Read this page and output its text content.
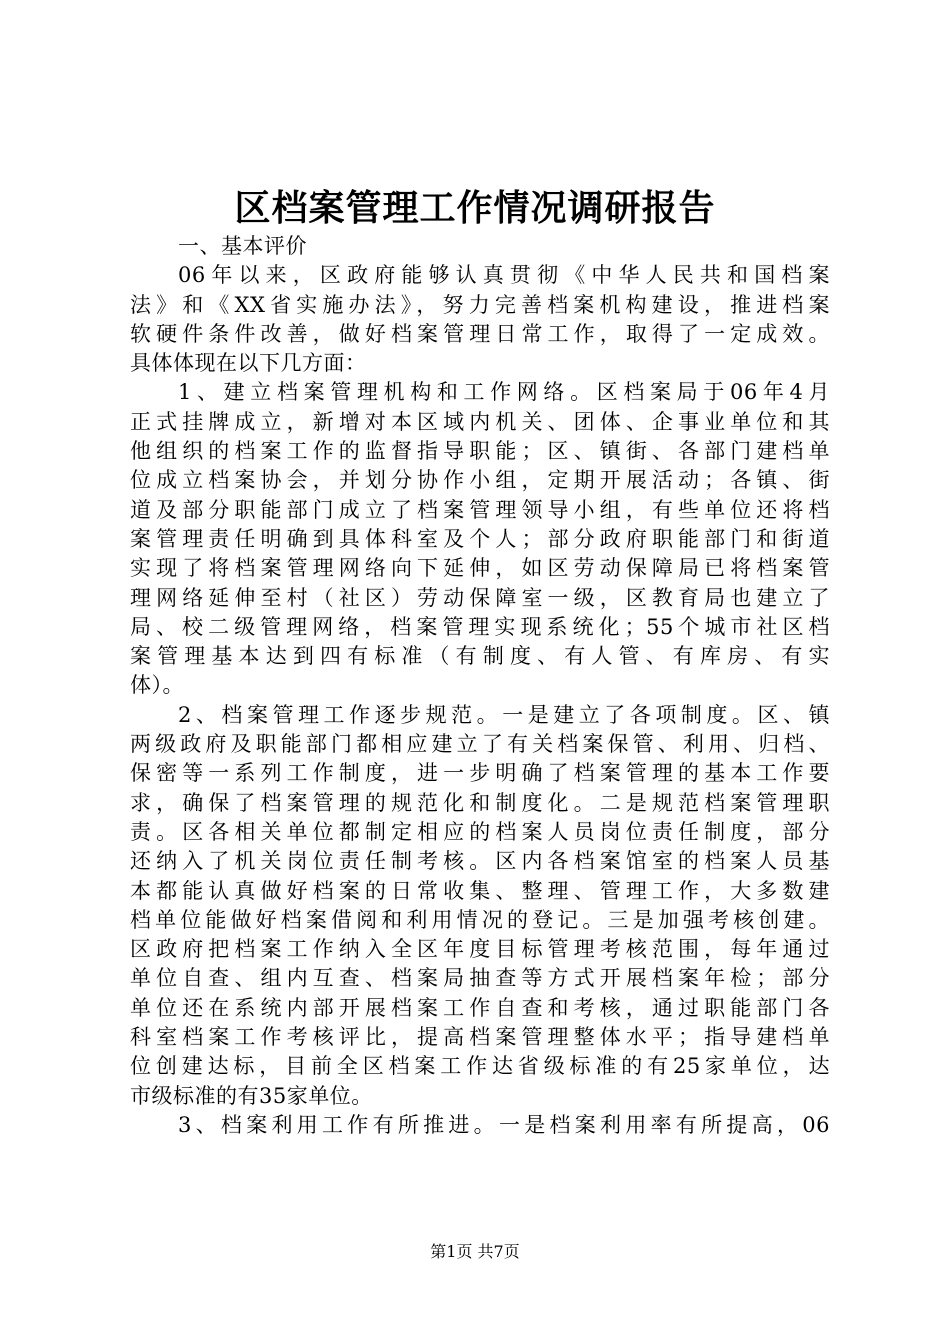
区档案管理工作情况调研报告
一、基本评价
06年以来，区政府能够认真贯彻《中华人民共和国档案
法》和《XX省实施办法》，努力完善档案机构建设，推进档案
软硬件条件改善，做好档案管理日常工作，取得了一定成效。
具体体现在以下几方面：
1、建立档案管理机构和工作网络。区档案局于06年4月
正式挂牌成立，新增对本区域内机关、团体、企事业单位和其
他组织的档案工作的监督指导职能；区、镇街、各部门建档单
位成立档案协会，并划分协作小组，定期开展活动；各镇、街
道及部分职能部门成立了档案管理领导小组，有些单位还将档
案管理责任明确到具体科室及个人；部分政府职能部门和街道
实现了将档案管理网络向下延伸，如区劳动保障局已将档案管
理网络延伸至村（社区）劳动保障室一级，区教育局也建立了
局、校二级管理网络，档案管理实现系统化；55个城市社区档
案管理基本达到四有标准（有制度、有人管、有库房、有实
体）。
2、档案管理工作逐步规范。一是建立了各项制度。区、镇
两级政府及职能部门都相应建立了有关档案保管、利用、归档、
保密等一系列工作制度，进一步明确了档案管理的基本工作要
求，确保了档案管理的规范化和制度化。二是规范档案管理职
责。区各相关单位都制定相应的档案人员岗位责任制度，部分
还纳入了机关岗位责任制考核。区内各档案馆室的档案人员基
本都能认真做好档案的日常收集、整理、管理工作，大多数建
档单位能做好档案借阅和利用情况的登记。三是加强考核创建。
区政府把档案工作纳入全区年度目标管理考核范围，每年通过
单位自查、组内互查、档案局抽查等方式开展档案年检；部分
单位还在系统内部开展档案工作自查和考核，通过职能部门各
科室档案工作考核评比，提高档案管理整体水平；指导建档单
位创建达标，目前全区档案工作达省级标准的有25家单位，达
市级标准的有35家单位。
3、档案利用工作有所推进。一是档案利用率有所提高，06
第1页 共7页
